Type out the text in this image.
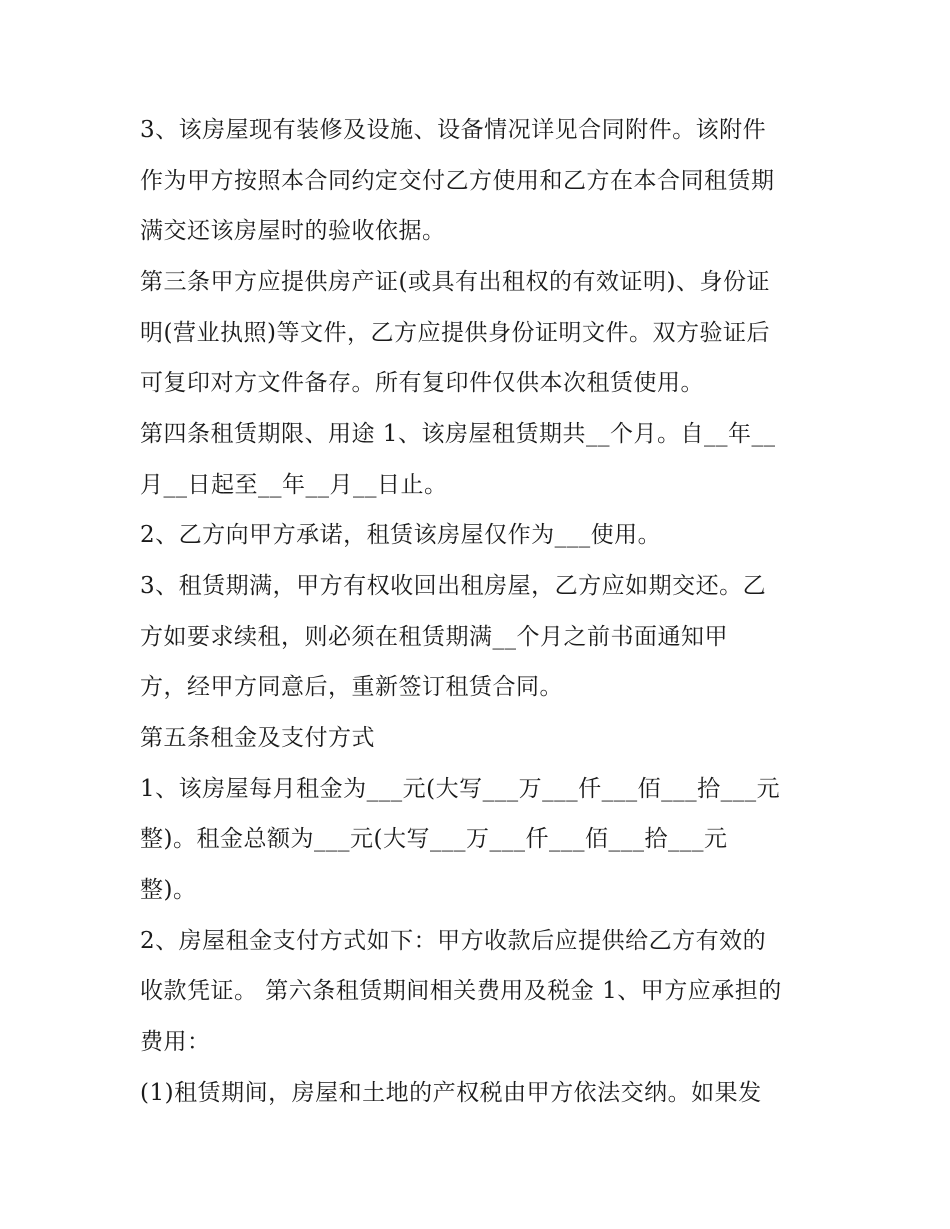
3、该房屋现有装修及设施、设备情况详见合同附件。该附件
作为甲方按照本合同约定交付乙方使用和乙方在本合同租赁期
满交还该房屋时的验收依据。
第三条甲方应提供房产证(或具有出租权的有效证明)、身份证
明(营业执照)等文件，乙方应提供身份证明文件。双方验证后
可复印对方文件备存。所有复印件仅供本次租赁使用。
第四条租赁期限、用途 1、该房屋租赁期共__个月。自__年__
月__日起至__年__月__日止。
2、乙方向甲方承诺，租赁该房屋仅作为___使用。
3、租赁期满，甲方有权收回出租房屋，乙方应如期交还。乙
方如要求续租，则必须在租赁期满__个月之前书面通知甲
方，经甲方同意后，重新签订租赁合同。
第五条租金及支付方式
1、该房屋每月租金为___元(大写___万___仟___佰___拾___元
整)。租金总额为___元(大写___万___仟___佰___拾___元
整)。
2、房屋租金支付方式如下：甲方收款后应提供给乙方有效的
收款凭证。 第六条租赁期间相关费用及税金 1、甲方应承担的
费用：
(1)租赁期间，房屋和土地的产权税由甲方依法交纳。如果发
